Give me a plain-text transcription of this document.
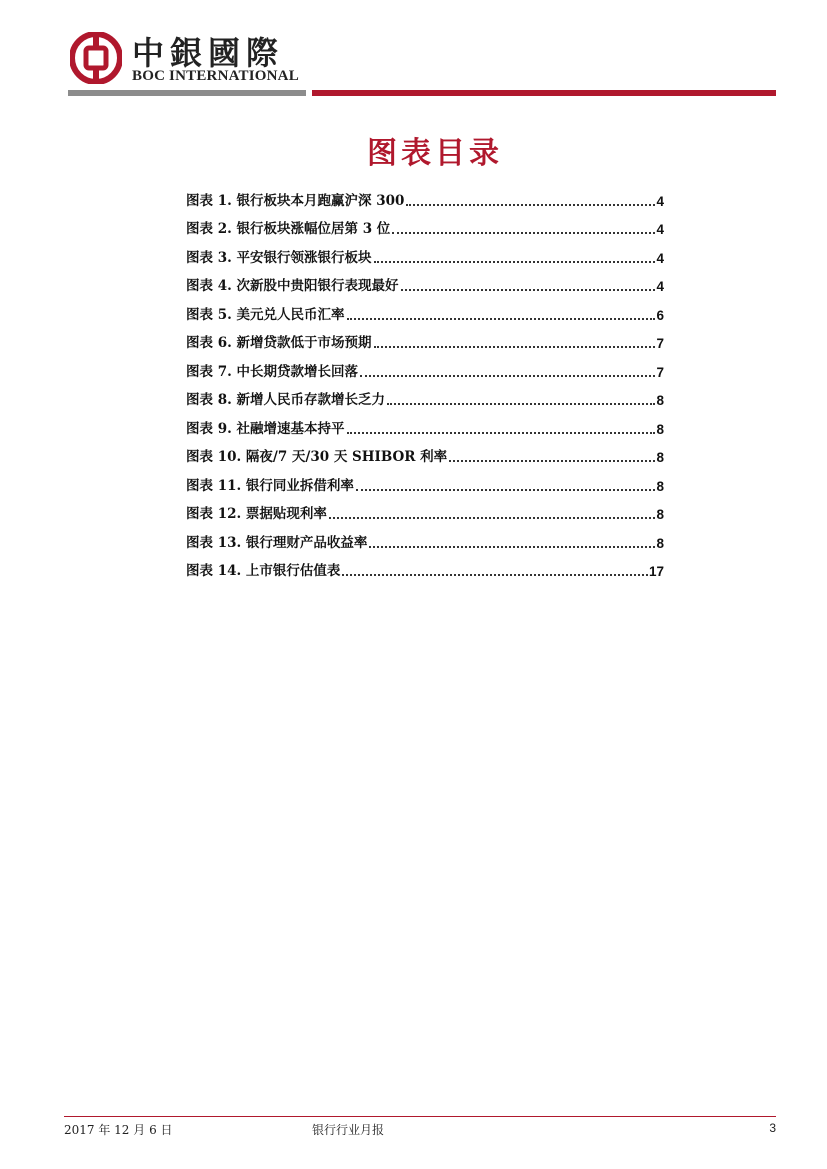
中銀國際
BOC INTERNATIONAL
图表目录
图表 1. 银行板块本月跑赢沪深 300	4
图表 2. 银行板块涨幅位居第 3 位	4
图表 3. 平安银行领涨银行板块	4
图表 4. 次新股中贵阳银行表现最好	4
图表 5. 美元兑人民币汇率	6
图表 6. 新增贷款低于市场预期	7
图表 7. 中长期贷款增长回落	7
图表 8. 新增人民币存款增长乏力	8
图表 9. 社融增速基本持平	8
图表 10. 隔夜/7 天/30 天 SHIBOR 利率	8
图表 11. 银行同业拆借利率	8
图表 12. 票据贴现利率	8
图表 13. 银行理财产品收益率	8
图表 14. 上市银行估值表	17
2017 年 12 月 6 日	银行行业月报	3
